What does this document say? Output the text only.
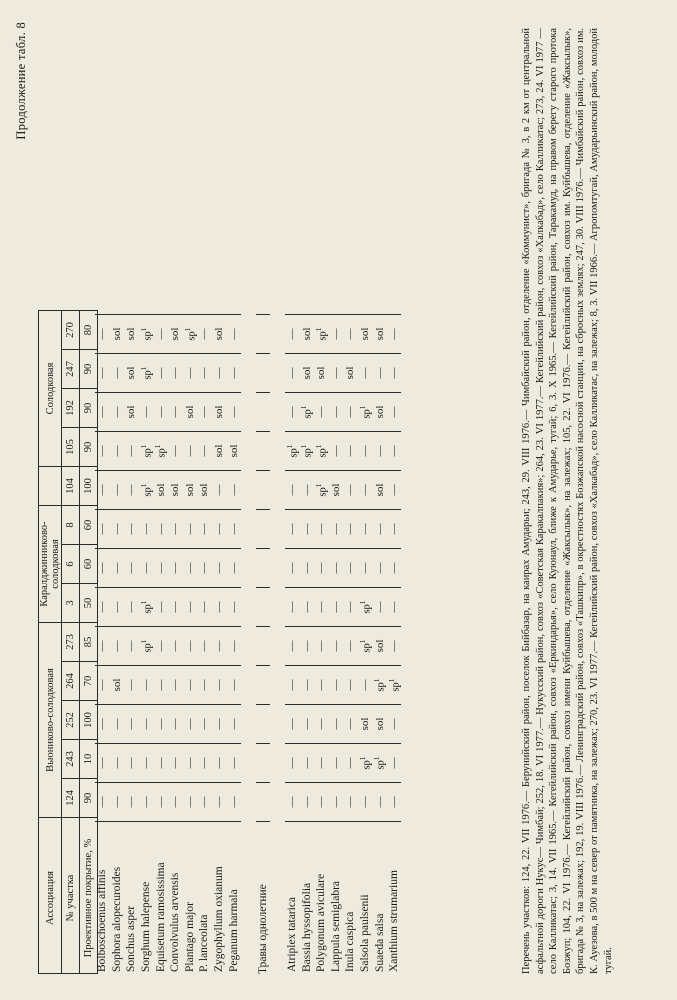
Продолжение табл. 8
Ассоциация	Вьюниково-солодковая					Каралджинниково-солодковая				Солодковая			
№ участка	124	243	252	264	273	3	6	8	104	105	192	247	270
Проективное покрытие, %	90	10	100	70	85	50	60	60	100	90	90	90	80
Bolboschoenus affinis	—	—	—	—	—	—	—	—	—	—	—	—	—
Sophora alopecuroides	—	—	—	sol	—	—	—	—	—	—	—	—	sol
Sonchus asper	—	—	—	—	—	—	—	—	—	—	sol	sol	sol
Sorghum halepense	—	—	—	—	$sp^1$	$sp^1$	—	—	$sp^1$	$sp^1$	—	$sp^1$	$sp^1$
Equisetum ramosissima	—	—	—	—	—	—	—	—	sol	$sp^1$	—	—	—
Convolvulus arvensis	—	—	—	—	—	—	—	—	sol	—	—	—	sol
Plantago major	—	—	—	—	—	—	—	—	sol	—	sol	—	$sp^1$
P. lanceolata	—	—	—	—	—	—	—	—	sol	—	—	—	—
Zygophyllum oxianum	—	—	—	—	—	—	—	—	—	sol	sol	—	sol
Peganum harmala	—	—	—	—	—	—	—	—	—	sol	—	—	—

Травы однолетние													

Atriplex tatarica	—	—	—	—	—	—	—	—	—	$sp^1$	—	—	—
Bassia hyssopifolia	—	—	—	—	—	—	—	—	—	$sp^1$	$sp^1$	sol	sol
Polygonum aviculare	—	—	—	—	—	—	—	—	$sp^1$	$sp^1$	—	sol	$sp^1$
Lappula semiglabra	—	—	—	—	—	—	—	—	sol	—	—	—	—
Inula caspica	—	—	—	—	—	—	—	—	—	—	—	sol	—
Salsola paulsenii	—	$sp^1$	sol	—	$sp^1$	$sp^1$	—	—	—	—	$sp^1$	—	sol
Suaeda salsa	—	$sp^1$	sol	$sp^1$	sol	—	—	—	sol	—	sol	—	sol
Xanthium strumarium	—	—	—	$sp^1$	—	—	—	—	—	—	—	—	—	Перечень участков: 124, 22. VII 1976.— Берунийский район, поселок Бийбазар, на каирах Амударьи; 243, 29. VIII 1976.— Чимбайский район, отделение «Коммунист», бригада № 3, в 2 км от центральной асфальтной дороги Нукус— Чимбай; 252, 18. VI 1977.— Нукусский район, совхоз «Советская Каракалпакия»; 264, 23. VI 1977.— Кегейлийский район, совхоз «Халкабад», село Калликатас; 273, 24. VI 1977 — село Калликатас; 3, 14. VII 1965.— Кегейлийский район, совхоз «Еркиндарья», село Куюнаул, ближе к Амударье, тугай; 6, 3. X 1965.— Кегейлийский район, Таракамуд, на правом берегу старого протока Бозжуп; 104, 22. VI 1976.— Кегейлийский район, совхоз имени Куйбышева, отделение «Жаксылык», на залежах; 105, 22. VI 1976.— Кегейлийский район, совхоз им. Куйбышева, отделение «Жаксылык», бригада № 3, на залежах; 192, 19. VIII 1976.— Ленинградский район, совхоз «Ташкипр», в окрестностях Бозжапской насосной станции, на сбросных землях; 247, 30. VIII 1976.— Чимбайский район, совхоз им. К. Ауезова, в 500 м на север от памятника, на залежах; 270, 23. VI 1977.— Кегейлийский район, совхоз «Халкабад», село Калликатас, на залежах; 8, 3. VII 1966.— Агропомтугай, Амударьинский район, молодой тугай.
